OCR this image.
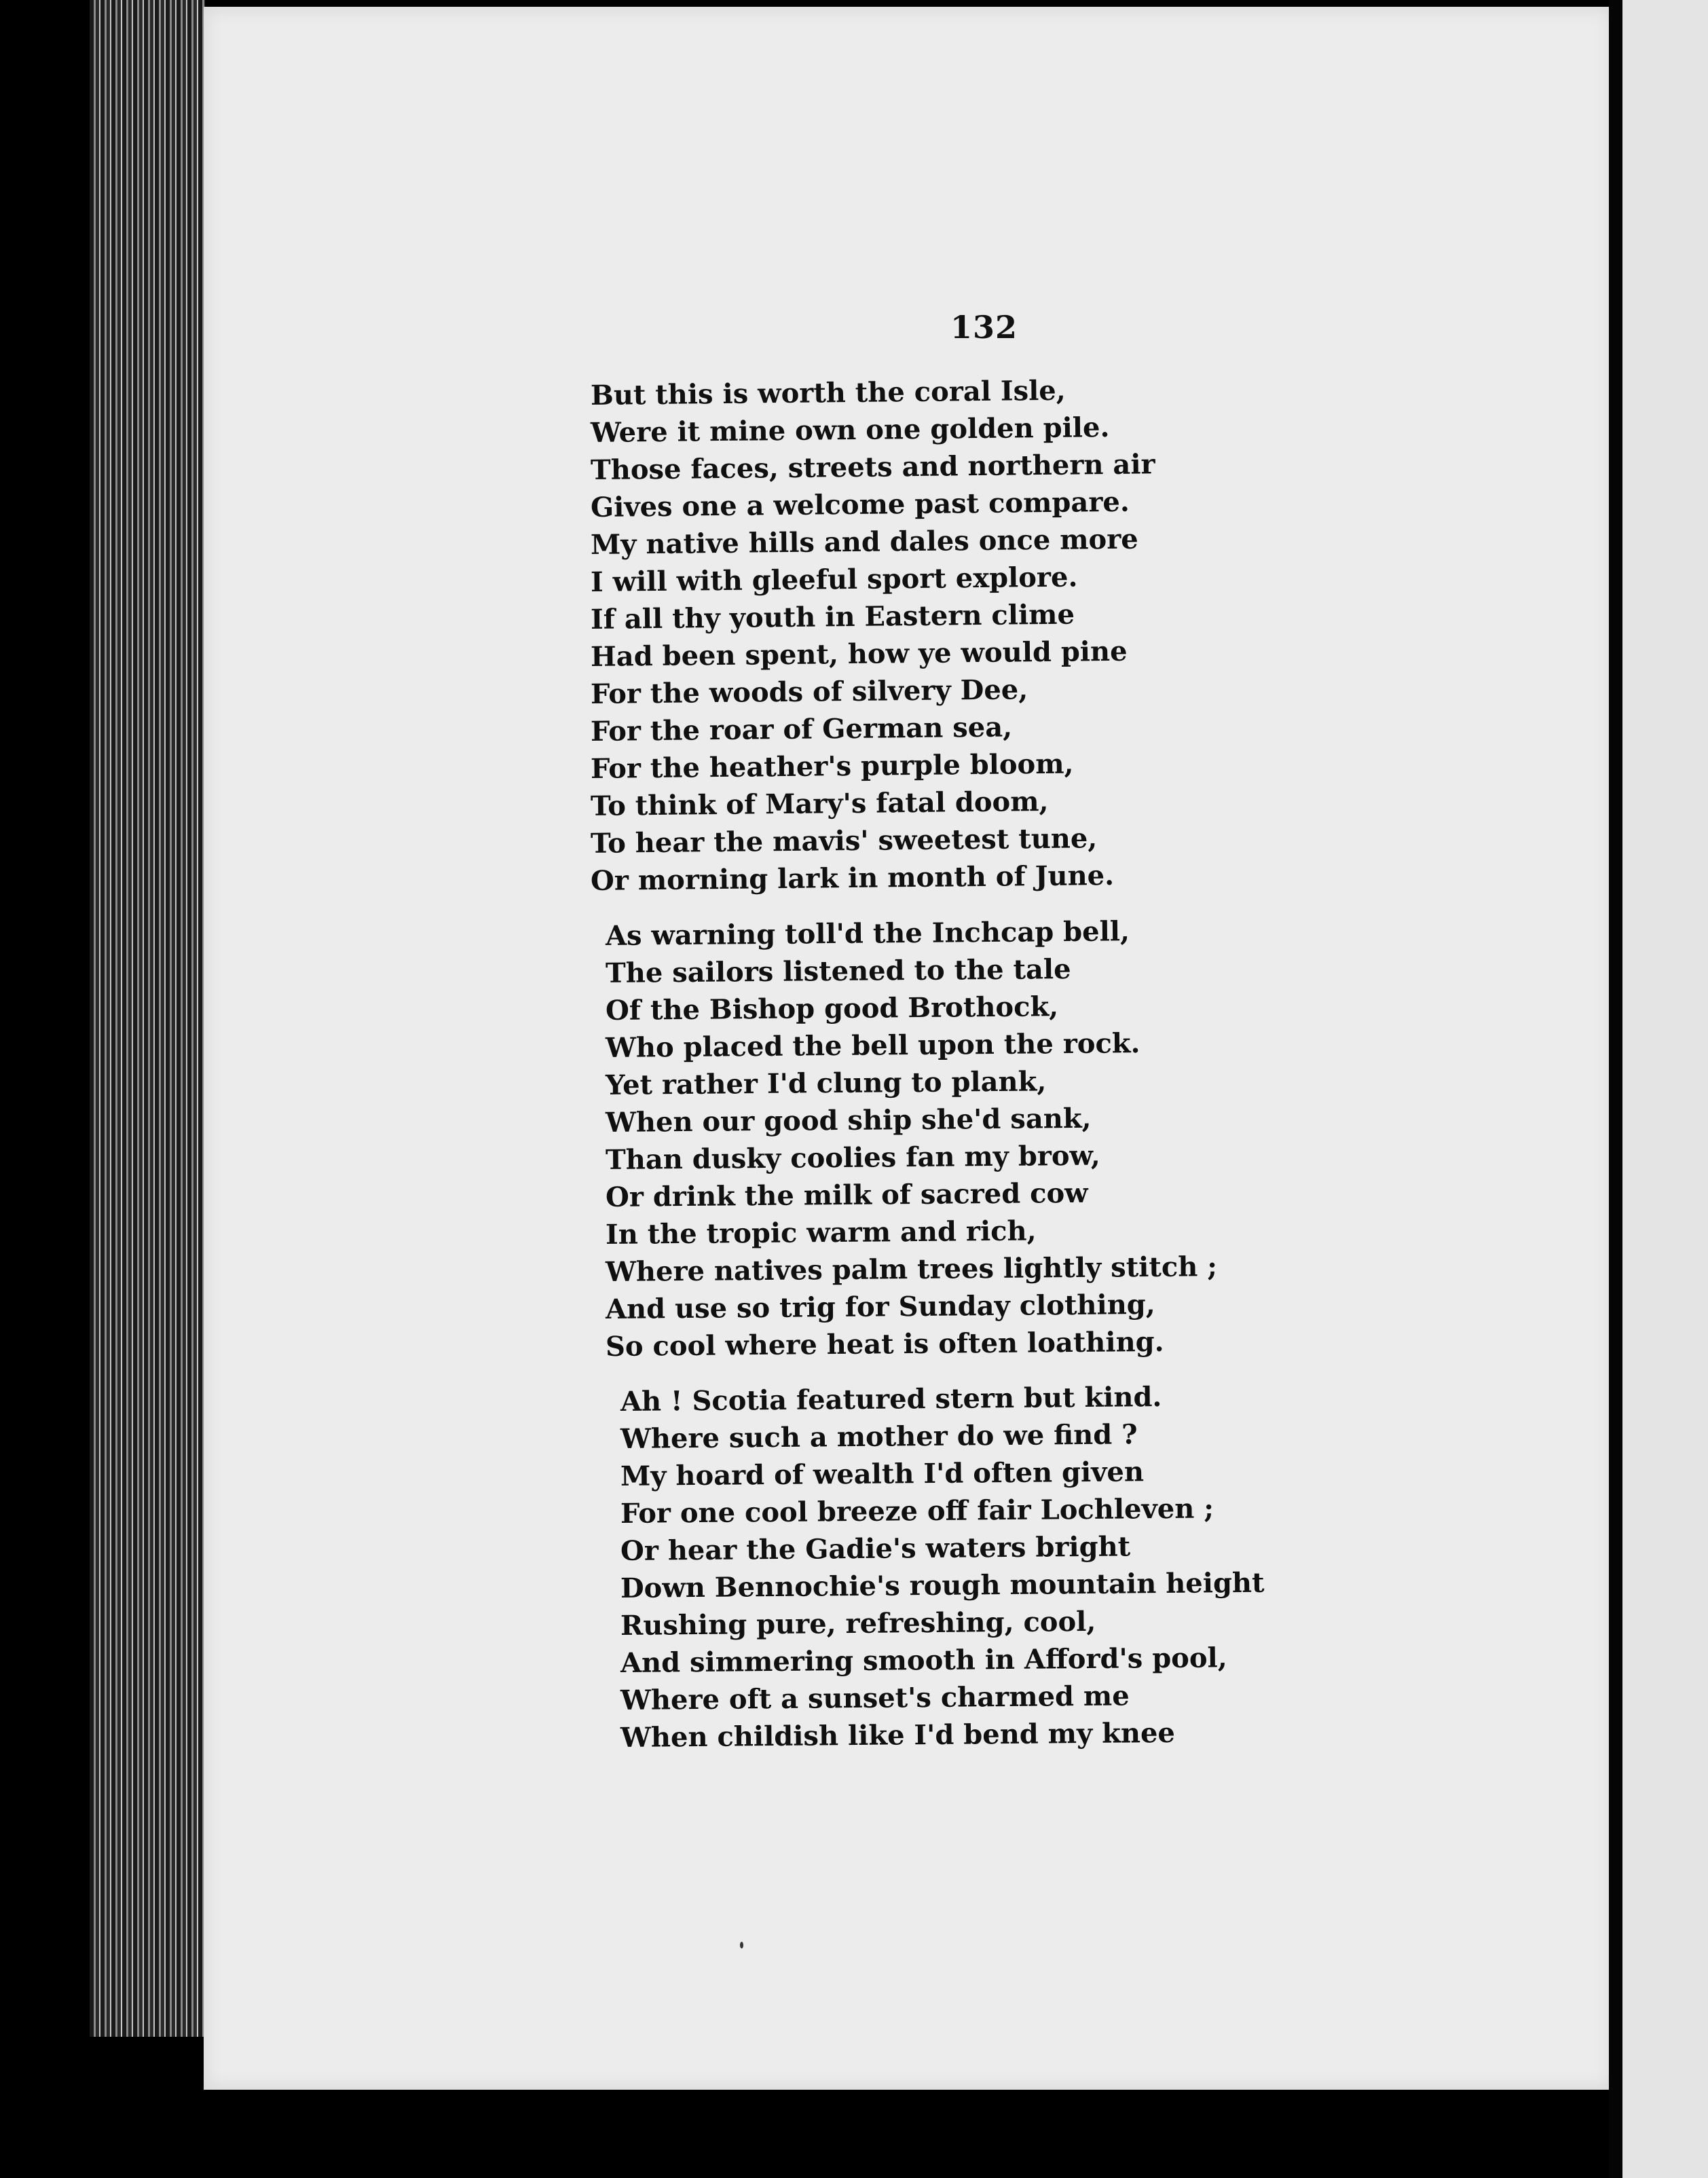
132
But this is worth the coral Isle,
Were it mine own one golden pile.
Those faces, streets and northern air
Gives one a welcome past compare.
My native hills and dales once more
I will with gleeful sport explore.
If all thy youth in Eastern clime
Had been spent, how ye would pine
For the woods of silvery Dee,
For the roar of German sea,
For the heather's purple bloom,
To think of Mary's fatal doom,
To hear the mavis' sweetest tune,
Or morning lark in month of June.
As warning toll'd the Inchcap bell,
The sailors listened to the tale
Of the Bishop good Brothock,
Who placed the bell upon the rock.
Yet rather I'd clung to plank,
When our good ship she'd sank,
Than dusky coolies fan my brow,
Or drink the milk of sacred cow
In the tropic warm and rich,
Where natives palm trees lightly stitch ;
And use so trig for Sunday clothing,
So cool where heat is often loathing.
Ah ! Scotia featured stern but kind.
Where such a mother do we find ?
My hoard of wealth I'd often given
For one cool breeze off fair Lochleven ;
Or hear the Gadie's waters bright
Down Bennochie's rough mountain height
Rushing pure, refreshing, cool,
And simmering smooth in Afford's pool,
Where oft a sunset's charmed me
When childish like I'd bend my knee
